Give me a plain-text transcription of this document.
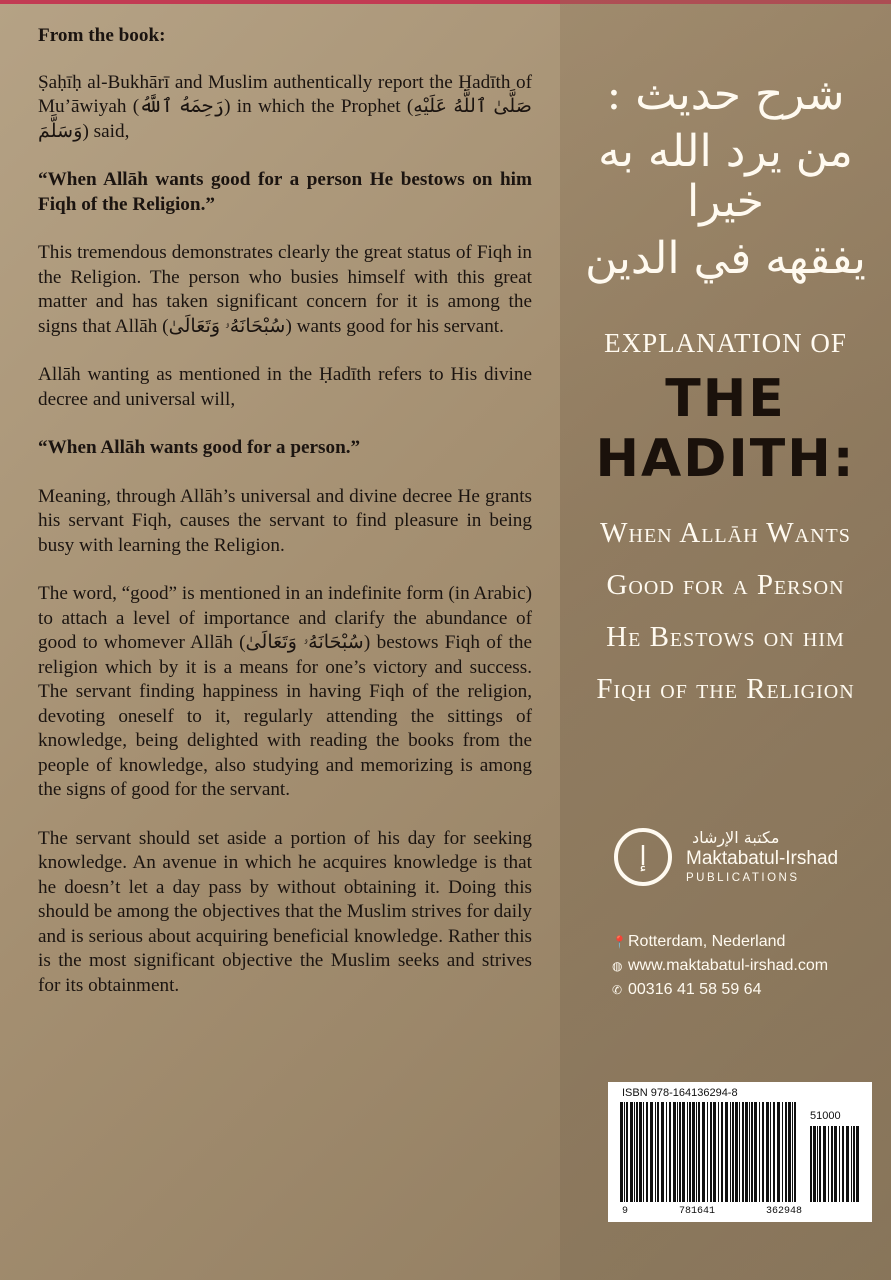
From the book:

Ṣaḥīḥ al-Bukhārī and Muslim authentically report the Ḥadīth of Mu’āwiyah (رَحِمَهُ ٱللَّهُ) in which the Prophet (صَلَّىٰ ٱللَّهُ عَلَيْهِ وَسَلَّمَ) said,

“When Allāh wants good for a person He bestows on him Fiqh of the Religion.”

This tremendous demonstrates clearly the great status of Fiqh in the Religion. The person who busies himself with this great matter and has taken significant concern for it is among the signs that Allāh (سُبْحَانَهُۥ وَتَعَالَىٰ) wants good for his servant.

Allāh wanting as mentioned in the Ḥadīth refers to His divine decree and universal will,

“When Allāh wants good for a person.”

Meaning, through Allāh’s universal and divine decree He grants his servant Fiqh, causes the servant to find pleasure in being busy with learning the Religion.

The word, “good” is mentioned in an indefinite form (in Arabic) to attach a level of importance and clarify the abundance of good to whomever Allāh (سُبْحَانَهُۥ وَتَعَالَىٰ) bestows Fiqh of the religion which by it is a means for one’s victory and success. The servant finding happiness in having Fiqh of the religion, devoting oneself to it, regularly attending the sittings of knowledge, being delighted with reading the books from the people of knowledge, also studying and memorizing is among the signs of good for the servant.

The servant should set aside a portion of his day for seeking knowledge. An avenue in which he acquires knowledge is that he doesn’t let a day pass by without obtaining it. Doing this should be among the objectives that the Muslim strives for daily and is serious about acquiring beneficial knowledge. Rather this is the most significant objective the Muslim seeks and strives for its obtainment.

شرح حديث :
من يرد الله به خيرا
يفقهه في الدين
EXPLANATION OF
THE HADITH:
When Allāh Wants
Good for a Person
He Bestows on him
Fiqh of the Religion
إ
مكتبة الإرشاد
Maktabatul-Irshad
PUBLICATIONS
📍Rotterdam, Nederland
◍ www.maktabatul-irshad.com
✆ 00316 41 58 59 64
ISBN 978-164136294-8
51000
9	781641	362948
